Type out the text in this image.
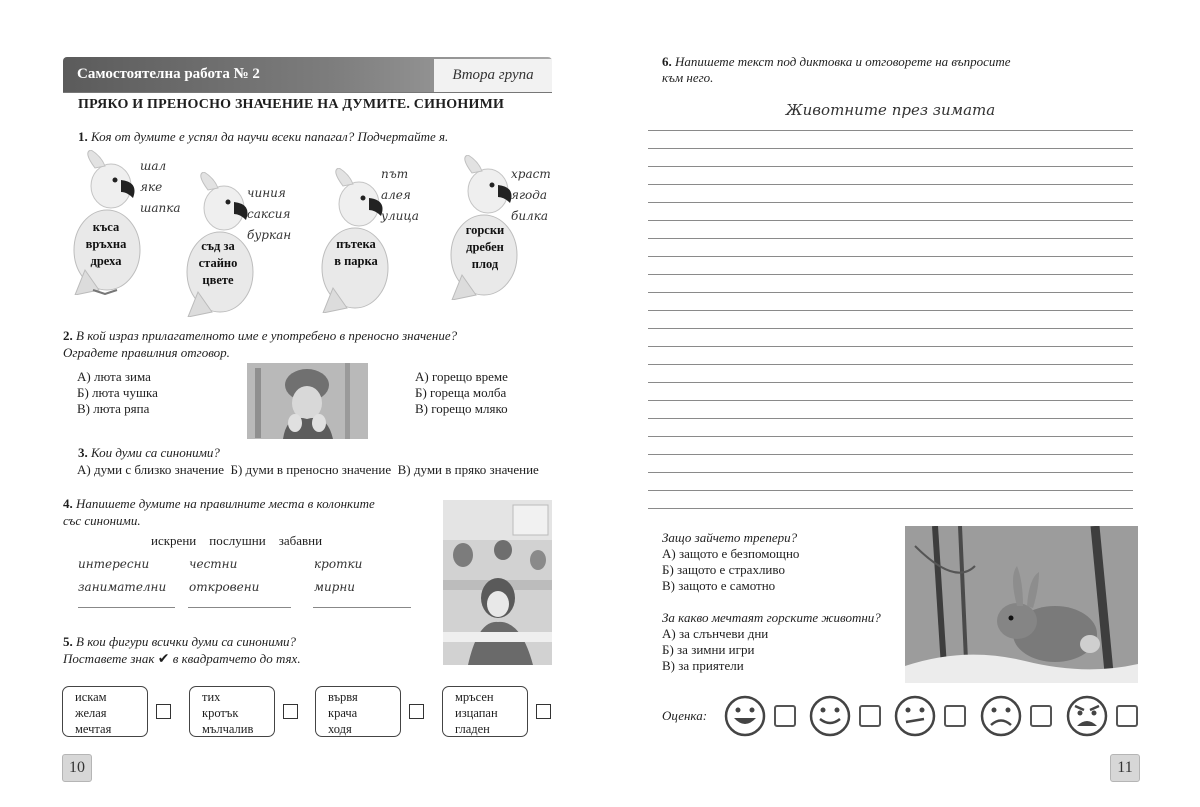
Самостоятелна работа № 2	Втора група
ПРЯКО И ПРЕНОСНО ЗНАЧЕНИЕ НА ДУМИТЕ. СИНОНИМИ
1. Коя от думите е успял да научи всеки папагал? Подчертайте я.
къса
връхна
дреха
шал
яке
шапка
съд за
стайно
цвете
чиния
саксия
буркан
пътека
в парка
път
алея
улица
горски
дребен
плод
храст
ягода
билка
2. В кой израз прилагателното име е употребено в преносно значение?
Оградете правилния отговор.
А) люта зима
Б) люта чушка
В) люта ряпа
А) горещо време
Б) гореща молба
В) горещо мляко
3. Кои думи са синоними?
А) думи с близко значение Б) думи в преносно значение В) думи в пряко значение
4. Напишете думите на правилните места в колонките
със синоними.
искрени послушни забавни
интересни
занимателни
честни
откровени
кротки
мирни
5. В кои фигури всички думи са синоними?
Поставете знак ✔ в квадратчето до тях.
искам
желая
мечтая
тих
кротък
мълчалив
вървя
крача
ходя
мръсен
изцапан
гладен
10
6. Напишете текст под диктовка и отговорете на въпросите
към него.
Животните през зимата
Защо зайчето трепери?
А) защото е безпомощно
Б) защото е страхливо
В) защото е самотно
За какво мечтаят горските животни?
А) за слънчеви дни
Б) за зимни игри
В) за приятели
Оценка:
11
